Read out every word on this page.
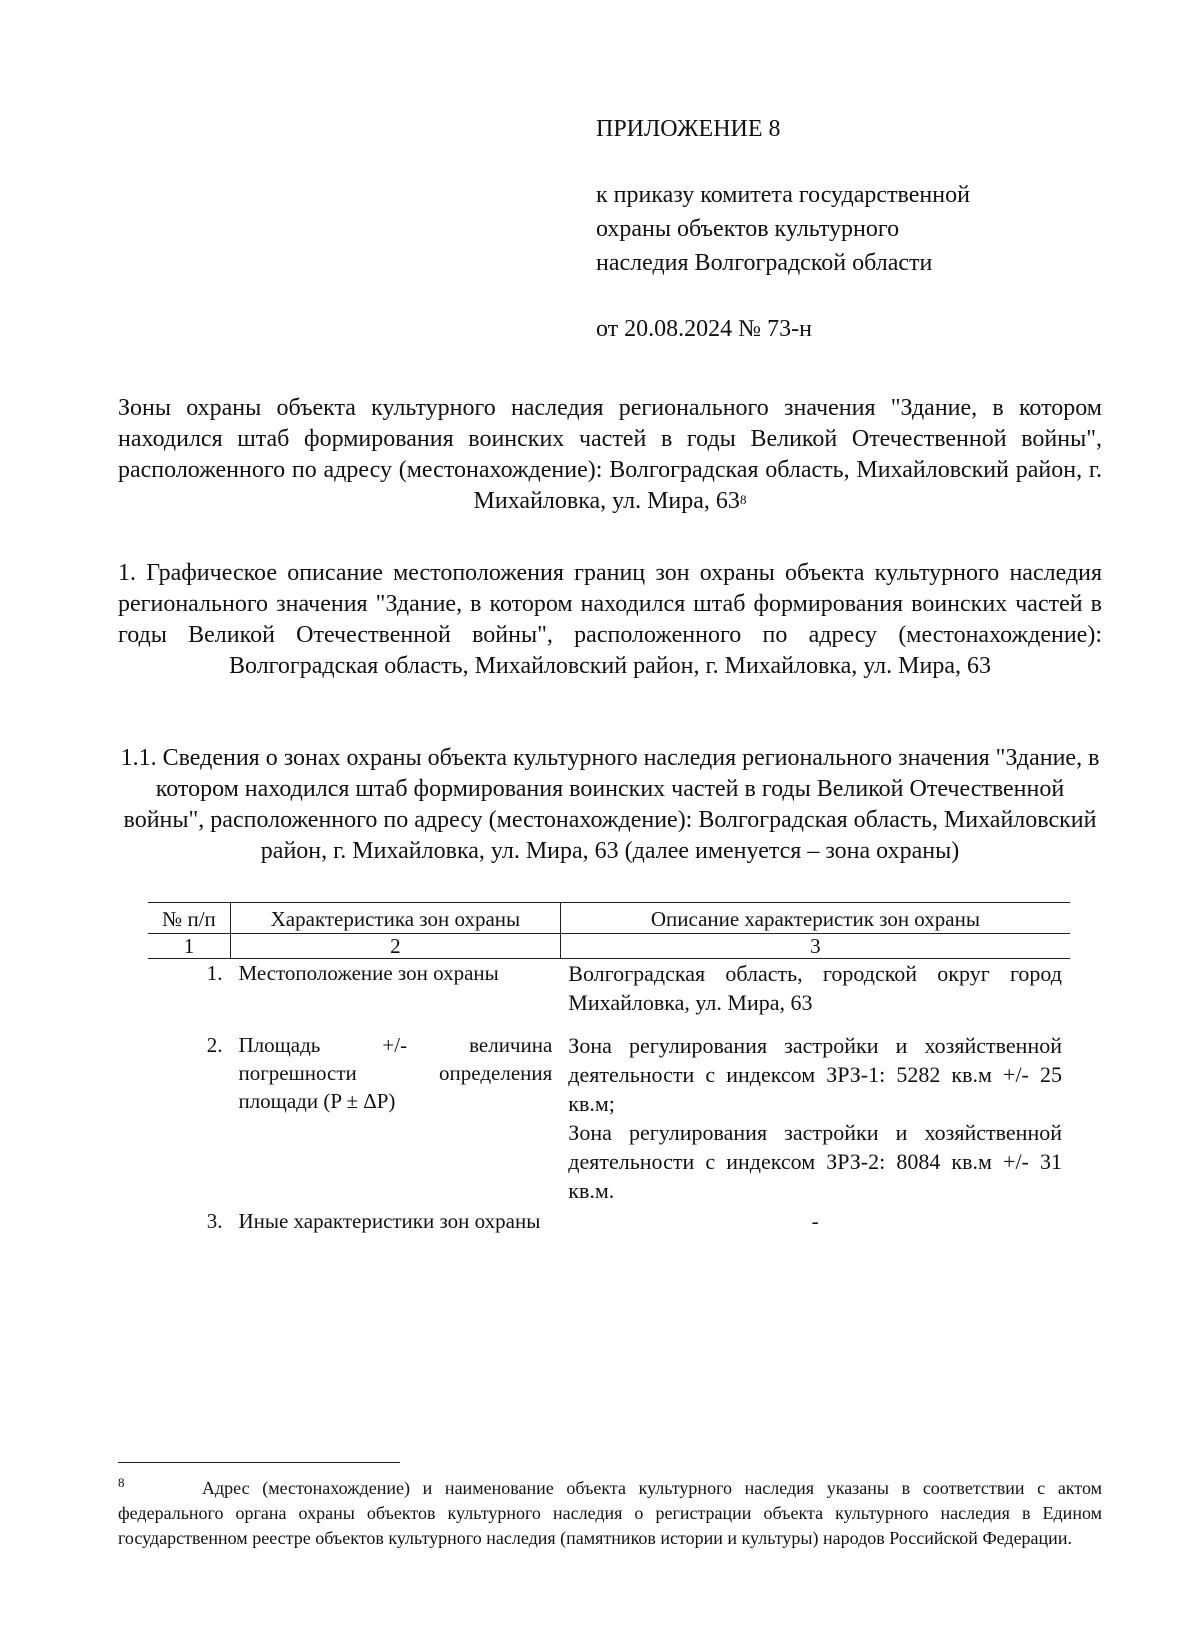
ПРИЛОЖЕНИЕ 8
к приказу комитета государственной
охраны объектов культурного
наследия Волгоградской области
от 20.08.2024 № 73-н
Зоны охраны объекта культурного наследия регионального значения "Здание, в котором находился штаб формирования воинских частей в годы Великой Отечественной войны", расположенного по адресу (местонахождение): Волгоградская область, Михайловский район, г. Михайловка, ул. Мира, $63^8$
1. Графическое описание местоположения границ зон охраны объекта культурного наследия регионального значения "Здание, в котором находился штаб формирования воинских частей в годы Великой Отечественной войны", расположенного по адресу (местонахождение): Волгоградская область, Михайловский район, г. Михайловка, ул. Мира, 63
1.1. Сведения о зонах охраны объекта культурного наследия регионального значения "Здание, в котором находился штаб формирования воинских частей в годы Великой Отечественной войны", расположенного по адресу (местонахождение): Волгоградская область, Михайловский район, г. Михайловка, ул. Мира, 63 (далее именуется – зона охраны)
№ п/п	Характеристика зон охраны	Описание характеристик зон охраны
1	2	3
1.	Местоположение зон охраны	Волгоградская область, городской округ город Михайловка, ул. Мира, 63
2.	Площадь +/- величина погрешности определения площади (P ± ΔP)	Зона регулирования застройки и хозяйственной деятельности с индексом ЗРЗ-1: 5282 кв.м +/- 25 кв.м;
Зона регулирования застройки и хозяйственной деятельности с индексом ЗРЗ-2: 8084 кв.м +/- 31 кв.м.

3.	Иные характеристики зон охраны	-
$^8$	Адрес (местонахождение) и наименование объекта культурного наследия указаны в соответствии с актом федерального органа охраны объектов культурного наследия о регистрации объекта культурного наследия в Едином государственном реестре объектов культурного наследия (памятников истории и культуры) народов Российской Федерации.
